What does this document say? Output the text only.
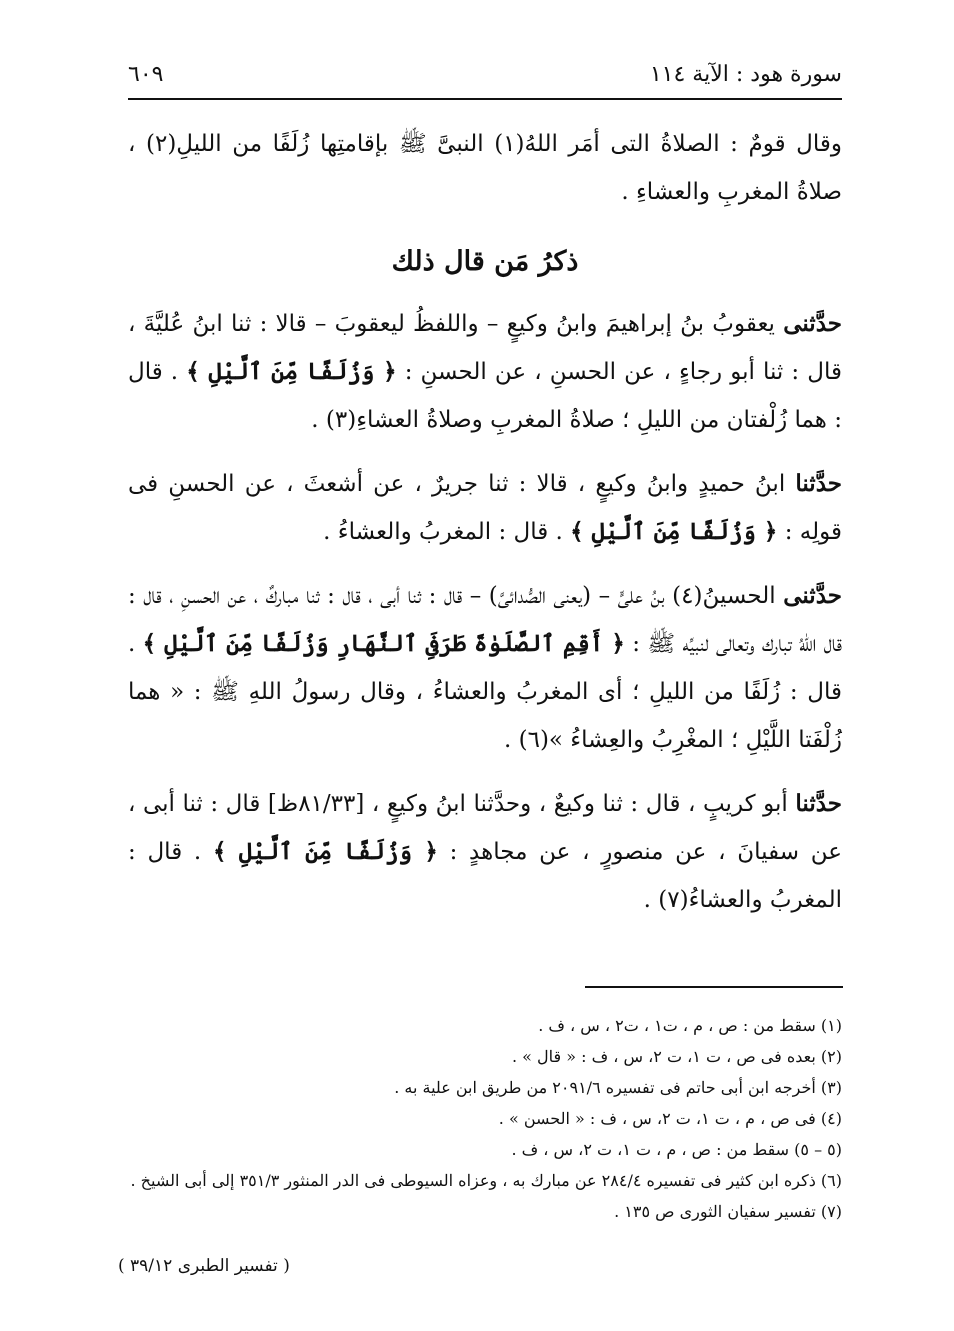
سورة هود : الآية ١١٤
٦٠٩

وقال قومٌ : الصلاةُ التى أمَر اللهُ(١) النبىَّ ﷺ بإقامتِها زُلَفًا من الليلِ(٢) ، صلاةُ المغربِ والعشاءِ .

ذكرُ مَن قال ذلك

حدَّثنى يعقوبُ بنُ إبراهيمَ وابنُ وكيعٍ – واللفظُ ليعقوبَ – قالا : ثنا ابنُ عُليَّةَ ، قال : ثنا أبو رجاءٍ ، عن الحسنِ ، عن الحسنِ : ﴿ وَزُلَفًا مِّنَ ٱلَّيْلِ ﴾ . قال : هما زُلْفتان من الليلِ ؛ صلاةُ المغربِ وصلاةُ العشاءِ(٣) .

حدَّثنا ابنُ حميدٍ وابنُ وكيعٍ ، قالا : ثنا جريرٌ ، عن أشعثَ ، عن الحسنِ فى قولِه : ﴿ وَزُلَفًا مِّنَ ٱلَّيْلِ ﴾ . قال : المغربُ والعشاءُ .

حدَّثنى الحسينُ(٤) بنُ علىٍّ – (يعنى الصُّدائىَّ) – قال : ثنا أبى ، قال : ثنا مباركٌ ، عن الحسنِ ، قال : قال اللهُ تبارك وتعالى لنبيِّه ﷺ : ﴿ أَقِمِ ٱلصَّلَوٰةَ طَرَفَىِ ٱلنَّهَارِ وَزُلَفًا مِّنَ ٱلَّيْلِ ﴾ . قال : زُلَفًا من الليلِ ؛ أى المغربُ والعشاءُ ، وقال رسولُ اللهِ ﷺ : « هما زُلْفَتا اللَّيْلِ ؛ المغْرِبُ والعِشاءُ »(٦) .

حدَّثنا أبو كريبٍ ، قال : ثنا وكيعٌ ، وحدَّثنا ابنُ وكيعٍ ، [٨١/٣٣ظ] قال : ثنا أبى ، عن سفيانَ ، عن منصورٍ ، عن مجاهدٍ : ﴿ وَزُلَفًا مِّنَ ٱلَّيْلِ ﴾ . قال : المغربُ والعشاءُ(٧) .

(١) سقط من : ص ، م ، ت١ ، ت٢ ، س ، ف .

(٢) بعده فى ص ، ت ١، ت ٢، س ، ف : « قال » .

(٣) أخرجه ابن أبى حاتم فى تفسيره ٢٠٩١/٦ من طريق ابن علية به .

(٤) فى ص ، م ، ت ١، ت ٢، س ، ف : « الحسن » .

(٥ – ٥) سقط من : ص ، م ، ت ١، ت ٢، س ، ف .

(٦) ذكره ابن كثير فى تفسيره ٢٨٤/٤ عن مبارك به ، وعزاه السيوطى فى الدر المنثور ٣٥١/٣ إلى أبى الشيخ .

(٧) تفسير سفيان الثورى ص ١٣٥ .

( تفسير الطبرى ٣٩/١٢ )
